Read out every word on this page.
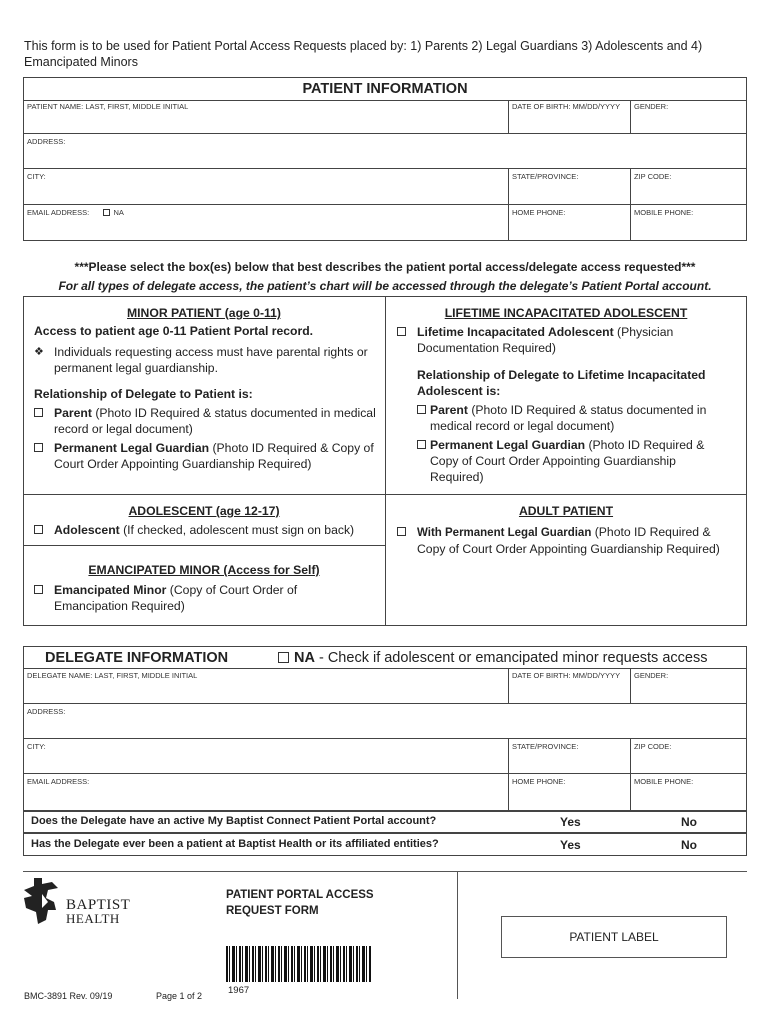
This form is to be used for Patient Portal Access Requests placed by: 1) Parents 2) Legal Guardians 3) Adolescents and 4) Emancipated Minors
PATIENT INFORMATION
PATIENT NAME: LAST, FIRST, MIDDLE INITIAL	DATE OF BIRTH: MM/DD/YYYY GENDER:
ADDRESS:
CITY:	STATE/PROVINCE:	ZIP CODE:
EMAIL ADDRESS:	NA	HOME PHONE:	MOBILE PHONE:
***Please select the box(es) below that best describes the patient portal access/delegate access requested***
For all types of delegate access, the patient’s chart will be accessed through the delegate’s Patient Portal account.
MINOR PATIENT (age 0-11)
Access to patient age 0-11 Patient Portal record.
❖ Individuals requesting access must have parental rights or permanent legal guardianship.
Relationship of Delegate to Patient is:
Parent (Photo ID Required & status documented in medical record or legal document)
Permanent Legal Guardian (Photo ID Required & Copy of Court Order Appointing Guardianship Required)
LIFETIME INCAPACITATED ADOLESCENT
Lifetime Incapacitated Adolescent (Physician Documentation Required)
Relationship of Delegate to Lifetime Incapacitated Adolescent is:
Parent (Photo ID Required & status documented in medical record or legal document)
Permanent Legal Guardian (Photo ID Required & Copy of Court Order Appointing Guardianship Required)
ADOLESCENT (age 12-17)
Adolescent (If checked, adolescent must sign on back)
EMANCIPATED MINOR (Access for Self)
Emancipated Minor (Copy of Court Order of Emancipation Required)
ADULT PATIENT
With Permanent Legal Guardian (Photo ID Required & Copy of Court Order Appointing Guardianship Required)
DELEGATE INFORMATION	NA - Check if adolescent or emancipated minor requests access
DELEGATE NAME: LAST, FIRST, MIDDLE INITIAL	DATE OF BIRTH: MM/DD/YYYY GENDER:
ADDRESS:
CITY:	STATE/PROVINCE:	ZIP CODE:
EMAIL ADDRESS:	HOME PHONE:	MOBILE PHONE:
Does the Delegate have an active My Baptist Connect Patient Portal account?	Yes	No
Has the Delegate ever been a patient at Baptist Health or its affiliated entities?	Yes	No
BAPTIST
HEALTH
PATIENT PORTAL ACCESS
REQUEST FORM
1967
BMC-3891 Rev. 09/19	Page 1 of 2
PATIENT LABEL
